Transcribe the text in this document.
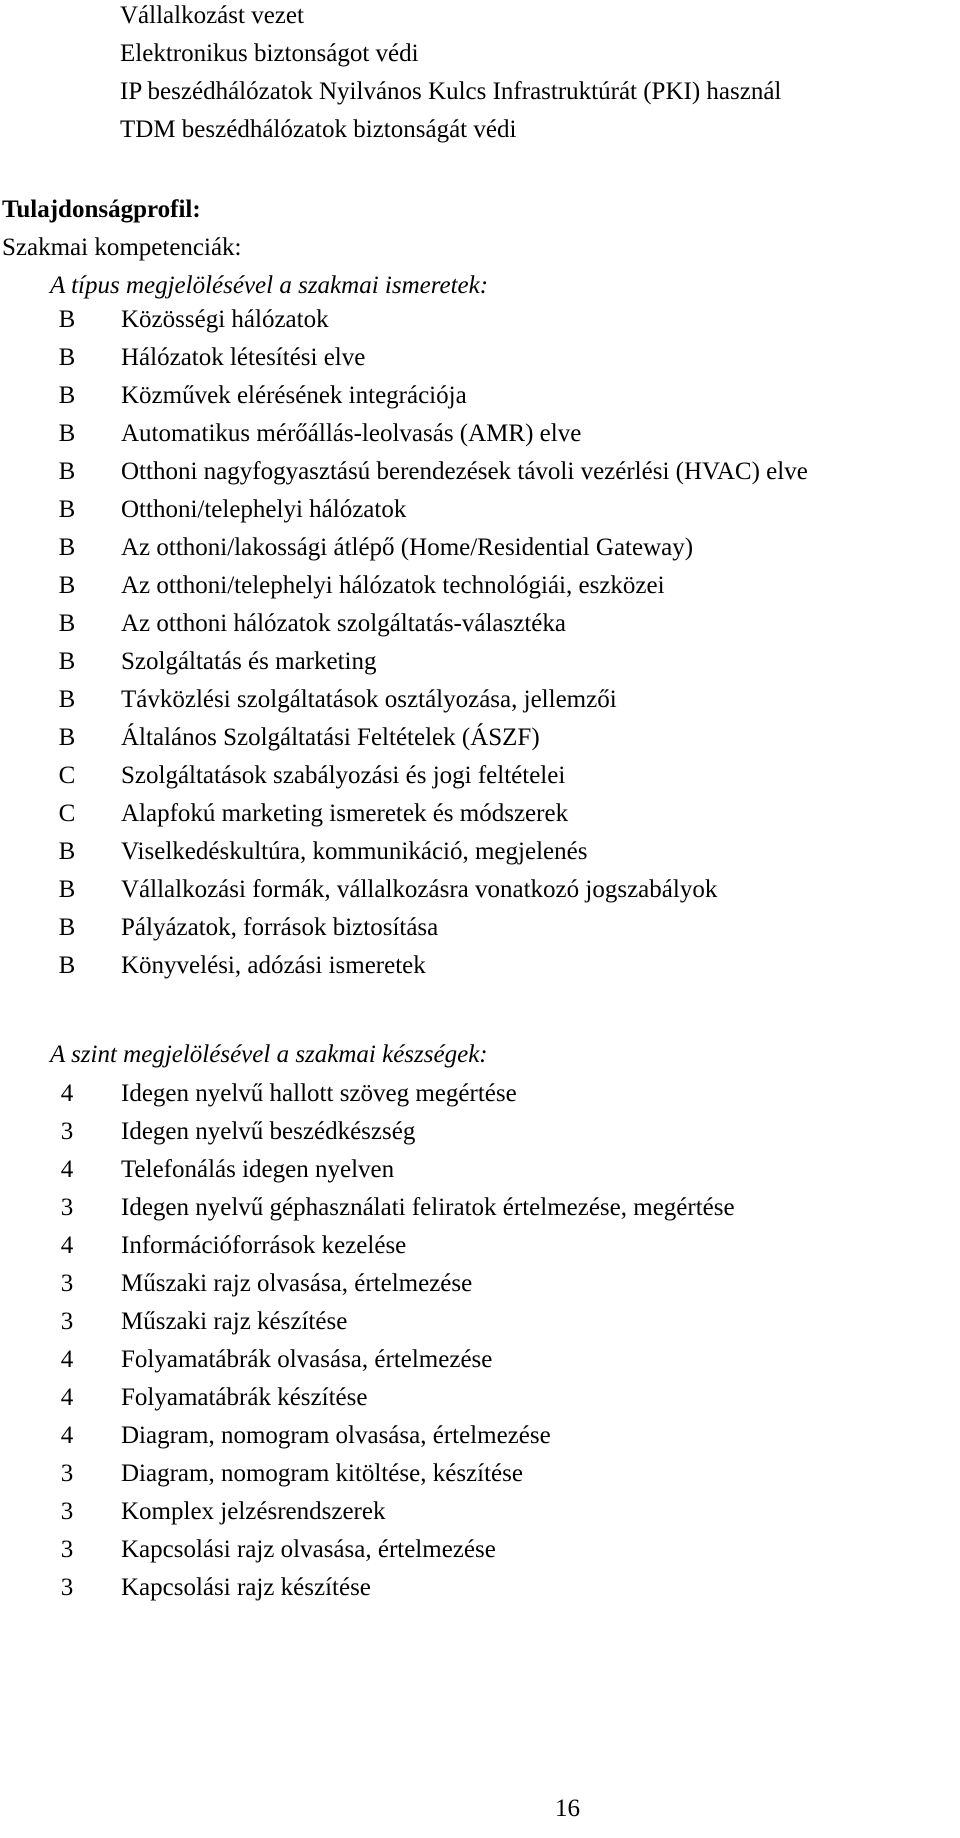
Vállalkozást vezet

Elektronikus biztonságot védi

IP beszédhálózatok Nyilvános Kulcs Infrastruktúrát (PKI) használ

TDM beszédhálózatok biztonságát védi

Tulajdonságprofil:

Szakmai kompetenciák:

A típus megjelölésével a szakmai ismeretek:

B	Közösségi hálózatok
B	Hálózatok létesítési elve
B	Közművek elérésének integrációja
B	Automatikus mérőállás-leolvasás (AMR) elve
B	Otthoni nagyfogyasztású berendezések távoli vezérlési (HVAC) elve
B	Otthoni/telephelyi hálózatok
B	Az otthoni/lakossági átlépő (Home/Residential Gateway)
B	Az otthoni/telephelyi hálózatok technológiái, eszközei
B	Az otthoni hálózatok szolgáltatás-választéka
B	Szolgáltatás és marketing
B	Távközlési szolgáltatások osztályozása, jellemzői
B	Általános Szolgáltatási Feltételek (ÁSZF)
C	Szolgáltatások szabályozási és jogi feltételei
C	Alapfokú marketing ismeretek és módszerek
B	Viselkedéskultúra, kommunikáció, megjelenés
B	Vállalkozási formák, vállalkozásra vonatkozó jogszabályok
B	Pályázatok, források biztosítása
B	Könyvelési, adózási ismeretek
A szint megjelölésével a szakmai készségek:
4	Idegen nyelvű hallott szöveg megértése
3	Idegen nyelvű beszédkészség
4	Telefonálás idegen nyelven
3	Idegen nyelvű géphasználati feliratok értelmezése, megértése
4	Információforrások kezelése
3	Műszaki rajz olvasása, értelmezése
3	Műszaki rajz készítése
4	Folyamatábrák olvasása, értelmezése
4	Folyamatábrák készítése
4	Diagram, nomogram olvasása, értelmezése
3	Diagram, nomogram kitöltése, készítése
3	Komplex jelzésrendszerek
3	Kapcsolási rajz olvasása, értelmezése
3	Kapcsolási rajz készítése
16
